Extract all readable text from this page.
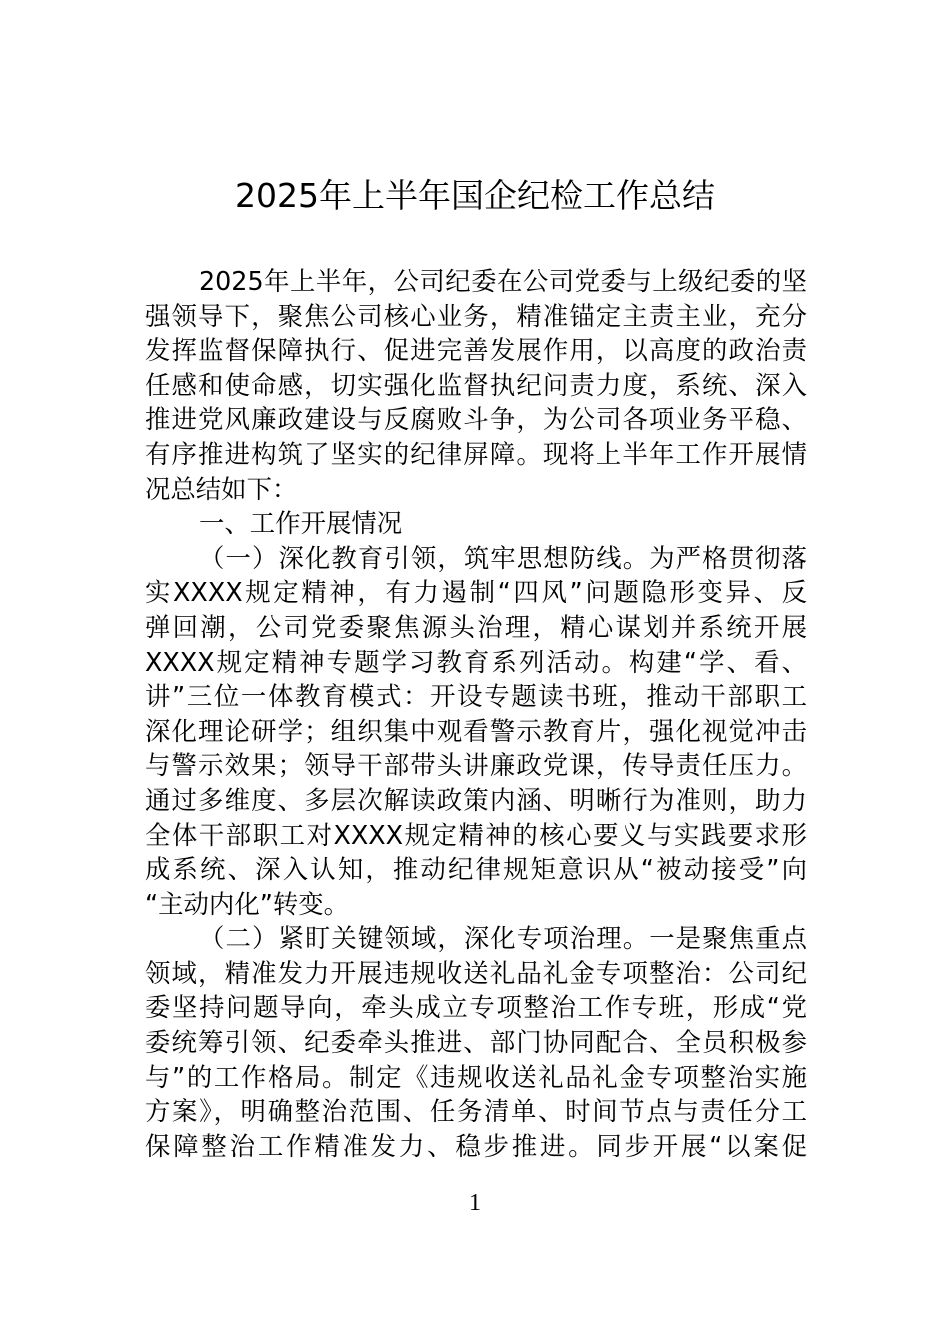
2025年上半年国企纪检工作总结
2025年上半年，公司纪委在公司党委与上级纪委的坚
强领导下，聚焦公司核心业务，精准锚定主责主业，充分
发挥监督保障执行、促进完善发展作用，以高度的政治责
任感和使命感，切实强化监督执纪问责力度，系统、深入
推进党风廉政建设与反腐败斗争，为公司各项业务平稳、
有序推进构筑了坚实的纪律屏障。现将上半年工作开展情
况总结如下：
一、工作开展情况
（一）深化教育引领，筑牢思想防线。为严格贯彻落
实XXXX规定精神，有力遏制“四风”问题隐形变异、反
弹回潮，公司党委聚焦源头治理，精心谋划并系统开展
XXXX规定精神专题学习教育系列活动。构建“学、看、
讲”三位一体教育模式：开设专题读书班，推动干部职工
深化理论研学；组织集中观看警示教育片，强化视觉冲击
与警示效果；领导干部带头讲廉政党课，传导责任压力。
通过多维度、多层次解读政策内涵、明晰行为准则，助力
全体干部职工对XXXX规定精神的核心要义与实践要求形
成系统、深入认知，推动纪律规矩意识从“被动接受”向
“主动内化”转变。
（二）紧盯关键领域，深化专项治理。一是聚焦重点
领域，精准发力开展违规收送礼品礼金专项整治：公司纪
委坚持问题导向，牵头成立专项整治工作专班，形成“党
委统筹引领、纪委牵头推进、部门协同配合、全员积极参
与”的工作格局。制定《违规收送礼品礼金专项整治实施
方案》，明确整治范围、任务清单、时间节点与责任分工
保障整治工作精准发力、稳步推进。同步开展“以案促
1
